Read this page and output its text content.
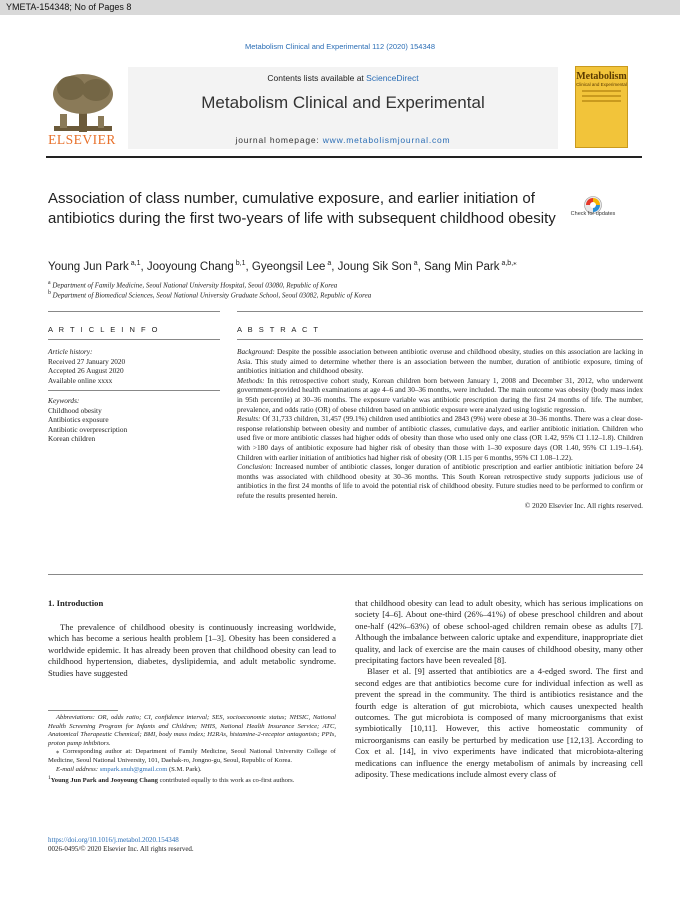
YMETA-154348; No of Pages 8
Metabolism Clinical and Experimental 112 (2020) 154348
ELSEVIER
Contents lists available at ScienceDirect
Metabolism Clinical and Experimental
journal homepage: www.metabolismjournal.com
Metabolism
Clinical and Experimental
Association of class number, cumulative exposure, and earlier initiation of antibiotics during the first two-years of life with subsequent childhood obesity	Check for updates
Young Jun Park $^{a,1}$, Jooyoung Chang $^{b,1}$, Gyeongsil Lee $^a$, Joung Sik Son $^a$, Sang Min Park $^{a,b,⁎}$
$^a$ Department of Family Medicine, Seoul National University Hospital, Seoul 03080, Republic of Korea
$^b$ Department of Biomedical Sciences, Seoul National University Graduate School, Seoul 03082, Republic of Korea
A R T I C L E I N F O	A B S T R A C T
Article history:
Received 27 January 2020
Accepted 26 August 2020
Available online xxxx
Keywords:
Childhood obesity
Antibiotics exposure
Antibiotic overprescription
Korean children

Background: Despite the possible association between antibiotic overuse and childhood obesity, studies on this association are lacking in Asia. This study aimed to determine whether there is an association between the number, duration of antibiotic exposure, timing of antibiotics initiation and childhood obesity.

Methods: In this retrospective cohort study, Korean children born between January 1, 2008 and December 31, 2012, who underwent government-provided health examinations at age 4–6 and 30–36 months, were included. The main outcome was obesity (body mass index in 95th percentile) at 30–36 months. The exposure variable was antibiotic prescription during the first 24 months of life. The number, prevalence, and odds ratio (OR) of obese children based on antibiotic exposure were analyzed using logistic regression.

Results: Of 31,733 children, 31,457 (99.1%) children used antibiotics and 2843 (9%) were obese at 30–36 months. There was a clear dose-response relationship between obesity and number of antibiotic classes, cumulative days, and earlier antibiotic initiation. Children who used five or more antibiotic classes had higher odds of obesity than those who used only one class (OR 1.42, 95% CI 1.12–1.8). Children with >180 days of antibiotic exposure had higher risk of obesity than those with 1–30 exposure days (OR 1.40, 95% CI 1.19–1.64). Children with earlier initiation of antibiotics had higher risk of obesity (OR 1.15 per 6 months, 95% CI 1.08–1.22).

Conclusion: Increased number of antibiotic classes, longer duration of antibiotic prescription and earlier antibiotic initiation before 24 months was associated with childhood obesity at 30–36 months. This South Korean retrospective study supports judicious use of antibiotics in the first 24 months of life to avoid the potential risk of childhood obesity. Future studies need to be performed to confirm or refute the results presented herein.

© 2020 Elsevier Inc. All rights reserved.

1. Introduction

The prevalence of childhood obesity is continuously increasing worldwide, which has become a serious health problem [1–3]. Obesity has been considered a worldwide epidemic. It has already been proven that childhood obesity can lead to childhood hypertension, diabetes, dyslipidemia, and adult metabolic syndrome. Studies have suggested

that childhood obesity can lead to adult obesity, which has serious implications on society [4–6]. About one-third (26%–41%) of obese preschool children and about one-half (42%–63%) of obese school-aged children remain obese as adults [7]. Although the imbalance between caloric uptake and expenditure, inappropriate diet quality, and lack of exercise are the main causes of childhood obesity, many other precipitating factors have been revealed [8].

Blaser et al. [9] asserted that antibiotics are a 4-edged sword. The first and second edges are that antibiotics become cure for individual infection as well as prevent the spread in the community. The third is antibiotics resistance and the fourth edge is alteration of gut microbiota, which causes unexpected health outcomes. The gut microbiota is composed of many microorganisms that exist symbiotically [10,11]. However, this active homeostatic community of microorganisms can easily be perturbed by medication use [12,13]. According to Cox et al. [14], in vivo experiments have indicated that microbiota-altering medications can influence the energy metabolism of animals by increasing cell adiposity. These medications include almost every class of

Abbreviations: OR, odds ratio; CI, confidence interval; SES, socioeconomic status; NHSIC, National Health Screening Program for Infants and Children; NHIS, National Health Insurance Service; ATC, Anatomical Therapeutic Chemical; BMI, body mass index; H2RAs, histamine-2-receptor antagonists; PPIs, proton pump inhibitors.

⁎ Corresponding author at: Department of Family Medicine, Seoul National University College of Medicine, Seoul National University, 101, Daehak-ro, Jongno-gu, Seoul, Republic of Korea.

E-mail address: smpark.snuh@gmail.com (S.M. Park).

$^1$Young Jun Park and Jooyoung Chang contributed equally to this work as co-first authors.

https://doi.org/10.1016/j.metabol.2020.154348
0026-0495/© 2020 Elsevier Inc. All rights reserved.
